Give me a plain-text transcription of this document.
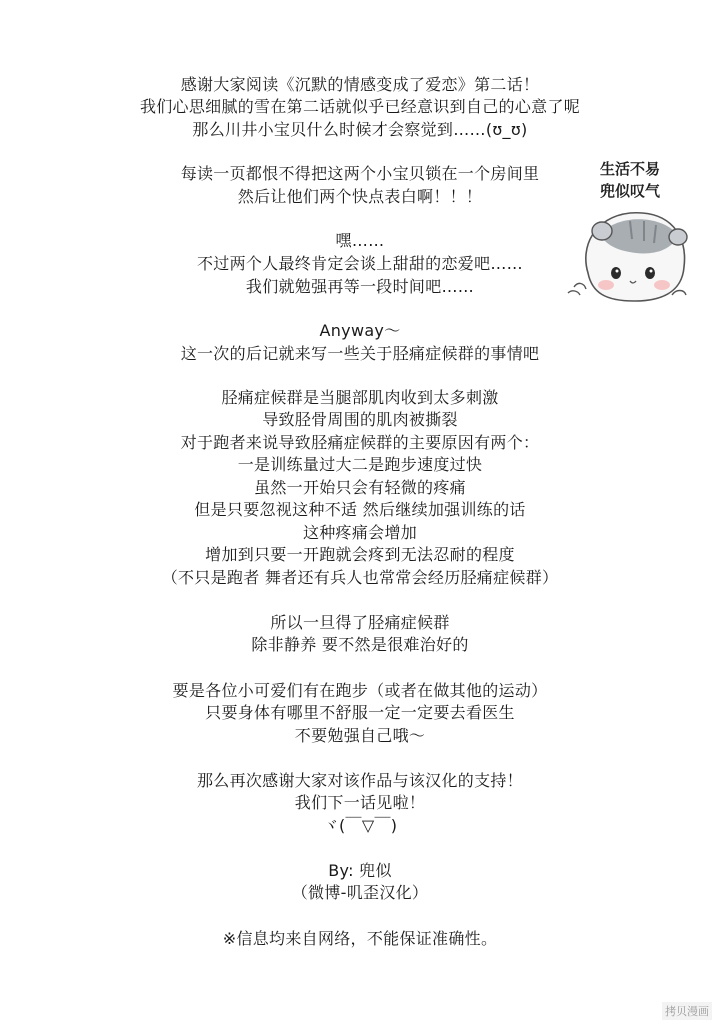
感谢大家阅读《沉默的情感变成了爱恋》第二话！
我们心思细腻的雪在第二话就似乎已经意识到自己的心意了呢
那么川井小宝贝什么时候才会察觉到……(ʊ_ʊ)
每读一页都恨不得把这两个小宝贝锁在一个房间里
然后让他们两个快点表白啊！！！
嘿……
不过两个人最终肯定会谈上甜甜的恋爱吧……
我们就勉强再等一段时间吧……
Anyway～
这一次的后记就来写一些关于胫痛症候群的事情吧
胫痛症候群是当腿部肌肉收到太多刺激
导致胫骨周围的肌肉被撕裂
对于跑者来说导致胫痛症候群的主要原因有两个：
一是训练量过大二是跑步速度过快
虽然一开始只会有轻微的疼痛
但是只要忽视这种不适 然后继续加强训练的话
这种疼痛会增加
增加到只要一开跑就会疼到无法忍耐的程度
（不只是跑者 舞者还有兵人也常常会经历胫痛症候群）
所以一旦得了胫痛症候群
除非静养 要不然是很难治好的
要是各位小可爱们有在跑步（或者在做其他的运动）
只要身体有哪里不舒服一定一定要去看医生
不要勉强自己哦～
那么再次感谢大家对该作品与该汉化的支持！
我们下一话见啦！
ヾ(￣▽￣)
By: 兜似
（微博-叽歪汉化）
※信息均来自网络，不能保证准确性。
生活不易
兜似叹气
拷贝漫画
